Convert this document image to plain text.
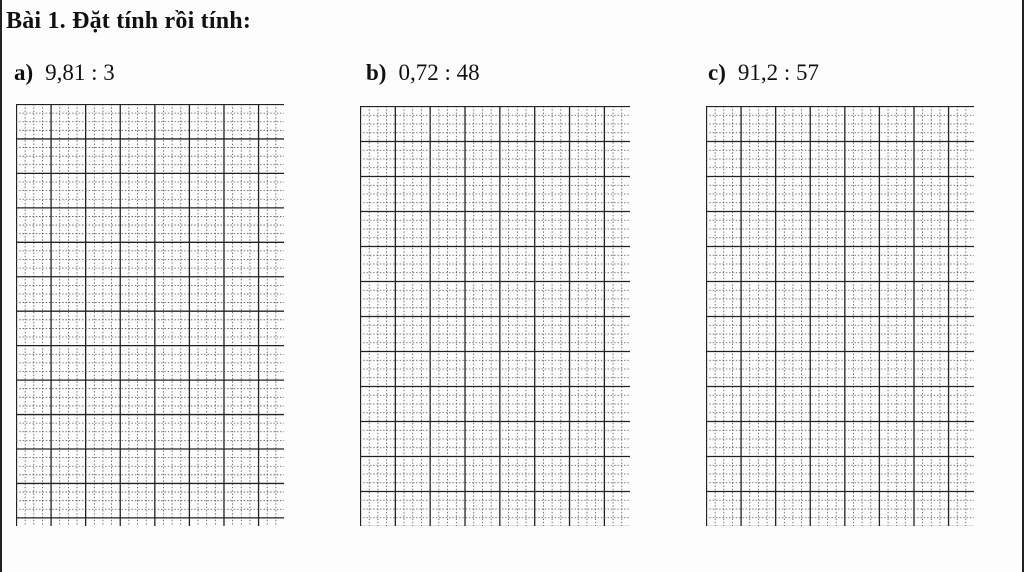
Bài 1. Đặt tính rồi tính:
a) 9,81 : 3	b) 0,72 : 48	c) 91,2 : 57
